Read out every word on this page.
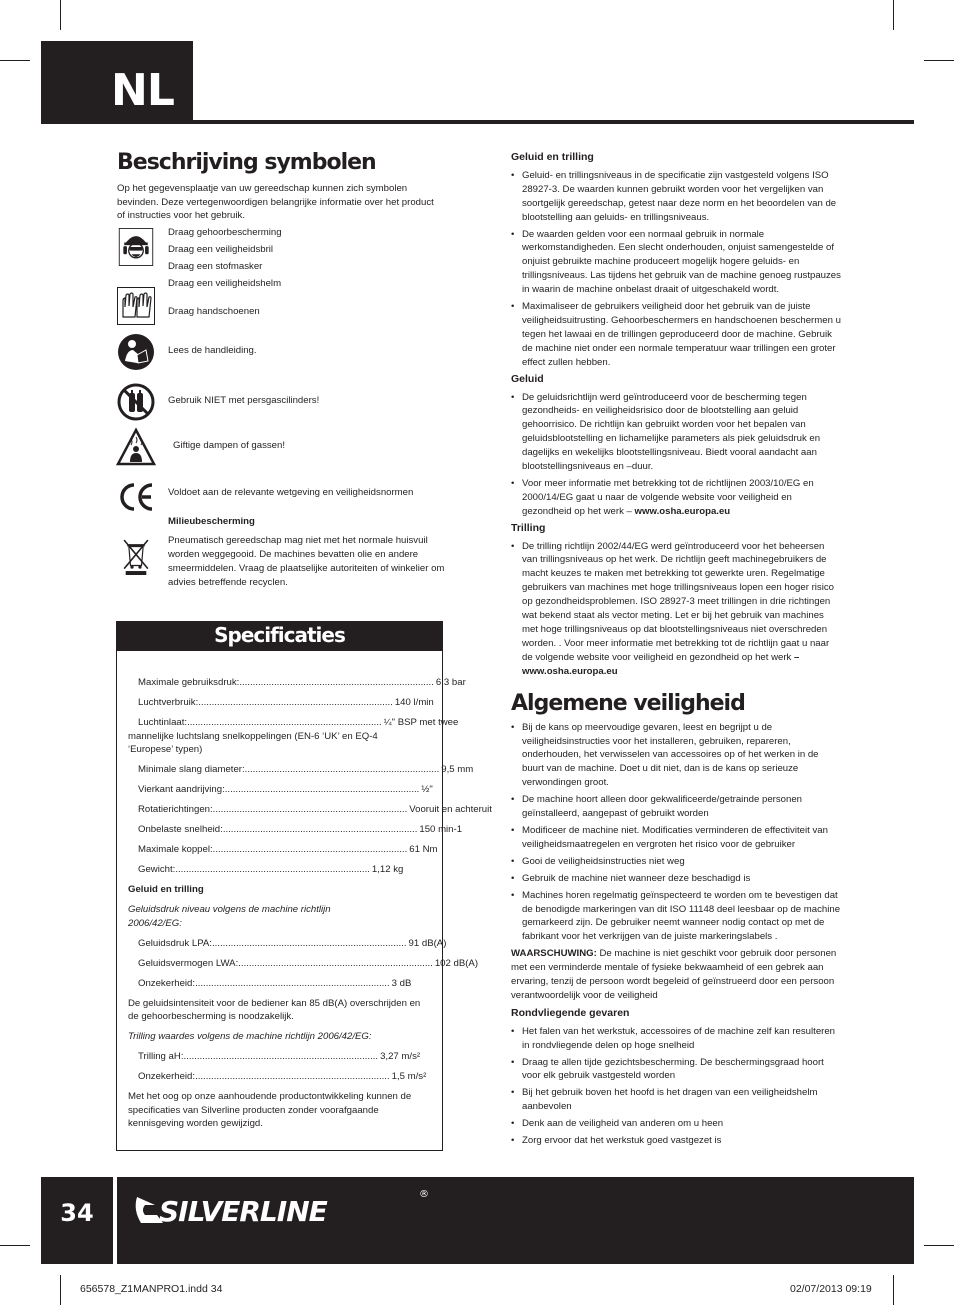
NL
Beschrijving symbolen

Op het gegevensplaatje van uw gereedschap kunnen zich symbolen bevinden. Deze vertegenwoordigen belangrijke informatie over het product of instructies voor het gebruik.

Draag gehoorbescherming
Draag een veiligheidsbril
Draag een stofmasker
Draag een veiligheidshelm
Draag handschoenen
Lees de handleiding.
Gebruik NIET met persgascilinders!
Giftige dampen of gassen!
Voldoet aan de relevante wetgeving en veiligheidsnormen
Milieubescherming
Pneumatisch gereedschap mag niet met het normale huisvuil worden weggegooid. De machines bevatten olie en andere smeermiddelen. Vraag de plaatselijke autoriteiten of winkelier om advies betreffende recyclen.
Specificaties
Maximale gebruiksdruk: ......................................................................... 6,3 bar
Luchtverbruik: ......................................................................... 140 l/min
Luchtinlaat: ......................................................................... ¼" BSP met twee
mannelijke luchtslang snelkoppelingen (EN-6 ‘UK’ en EQ-4 ‘Europese’ typen)
Minimale slang diameter: ......................................................................... 9,5 mm
Vierkant aandrijving: ......................................................................... ½"
Rotatierichtingen: ......................................................................... Vooruit en achteruit
Onbelaste snelheid: ......................................................................... 150 min-1
Maximale koppel: ......................................................................... 61 Nm
Gewicht: ......................................................................... 1,12 kg
Geluid en trilling
Geluidsdruk niveau volgens de machine richtlijn 2006/42/EG:
Geluidsdruk LPA: ......................................................................... 91 dB(A)
Geluidsvermogen LWA: ......................................................................... 102 dB(A)
Onzekerheid: ......................................................................... 3 dB
De geluidsintensiteit voor de bediener kan 85 dB(A) overschrijden en de gehoorbescherming is noodzakelijk.
Trilling waardes volgens de machine richtlijn 2006/42/EG:
Trilling aH: ......................................................................... 3,27 m/s²
Onzekerheid: ......................................................................... 1,5 m/s²
Met het oog op onze aanhoudende productontwikkeling kunnen de specificaties van Silverline producten zonder voorafgaande kennisgeving worden gewijzigd.
Geluid en trilling
• Geluid- en trillingsniveaus in de specificatie zijn vastgesteld volgens ISO 28927-3. De waarden kunnen gebruikt worden voor het vergelijken van soortgelijk gereedschap, getest naar deze norm en het beoordelen van de blootstelling aan geluids- en trillingsniveaus.
• De waarden gelden voor een normaal gebruik in normale werkomstandigheden. Een slecht onderhouden, onjuist samengestelde of onjuist gebruikte machine produceert mogelijk hogere geluids- en trillingsniveaus. Las tijdens het gebruik van de machine genoeg rustpauzes in waarin de machine onbelast draait of uitgeschakeld wordt.
• Maximaliseer de gebruikers veiligheid door het gebruik van de juiste veiligheidsuitrusting. Gehoorbeschermers en handschoenen beschermen u tegen het lawaai en de trillingen geproduceerd door de machine. Gebruik de machine niet onder een normale temperatuur waar trillingen een groter effect zullen hebben.
Geluid
• De geluidsrichtlijn werd geïntroduceerd voor de bescherming tegen gezondheids- en veiligheidsrisico door de blootstelling aan geluid gehoorrisico. De richtlijn kan gebruikt worden voor het bepalen van geluidsblootstelling en lichamelijke parameters als piek geluidsdruk en dagelijks en wekelijks blootstellingsniveau. Biedt vooral aandacht aan blootstellingsniveaus en –duur.
• Voor meer informatie met betrekking tot de richtlijnen 2003/10/EG en 2000/14/EG gaat u naar de volgende website voor veiligheid en gezondheid op het werk – www.osha.europa.eu
Trilling
• De trilling richtlijn 2002/44/EG werd geïntroduceerd voor het beheersen van trillingsniveaus op het werk. De richtlijn geeft machinegebruikers de macht keuzes te maken met betrekking tot gewerkte uren. Regelmatige gebruikers van machines met hoge trillingsniveaus lopen een hoger risico op gezondheidsproblemen. ISO 28927-3 meet trillingen in drie richtingen wat bekend staat als vector meting. Let er bij het gebruik van machines met hoge trillingsniveaus op dat blootstellingsniveaus niet overschreden worden. . Voor meer informatie met betrekking tot de richtlijn gaat u naar de volgende website voor veiligheid en gezondheid op het werk – www.osha.europa.eu
Algemene veiligheid
• Bij de kans op meervoudige gevaren, leest en begrijpt u de veiligheidsinstructies voor het installeren, gebruiken, repareren, onderhouden, het verwisselen van accessoires op of het werken in de buurt van de machine. Doet u dit niet, dan is de kans op serieuze verwondingen groot.
• De machine hoort alleen door gekwalificeerde/getrainde personen geïnstalleerd, aangepast of gebruikt worden
• Modificeer de machine niet. Modificaties verminderen de effectiviteit van veiligheidsmaatregelen en vergroten het risico voor de gebruiker
• Gooi de veiligheidsinstructies niet weg
• Gebruik de machine niet wanneer deze beschadigd is
• Machines horen regelmatig geïnspecteerd te worden om te bevestigen dat de benodigde markeringen van dit ISO 11148 deel leesbaar op de machine gemarkeerd zijn. De gebruiker neemt wanneer nodig contact op met de fabrikant voor het verkrijgen van de juiste markeringslabels .

WAARSCHUWING: De machine is niet geschikt voor gebruik door personen met een verminderde mentale of fysieke bekwaamheid of een gebrek aan ervaring, tenzij de persoon wordt begeleid of geïnstrueerd door een persoon verantwoordelijk voor de veiligheid

Rondvliegende gevaren
• Het falen van het werkstuk, accessoires of de machine zelf kan resulteren in rondvliegende delen op hoge snelheid
• Draag te allen tijde gezichtsbescherming. De beschermingsgraad hoort voor elk gebruik vastgesteld worden
• Bij het gebruik boven het hoofd is het dragen van een veiligheidshelm aanbevolen
• Denk aan de veiligheid van anderen om u heen
• Zorg ervoor dat het werkstuk goed vastgezet is
34	SILVERLINE
®
656578_Z1MANPRO1.indd 34	02/07/2013 09:19
